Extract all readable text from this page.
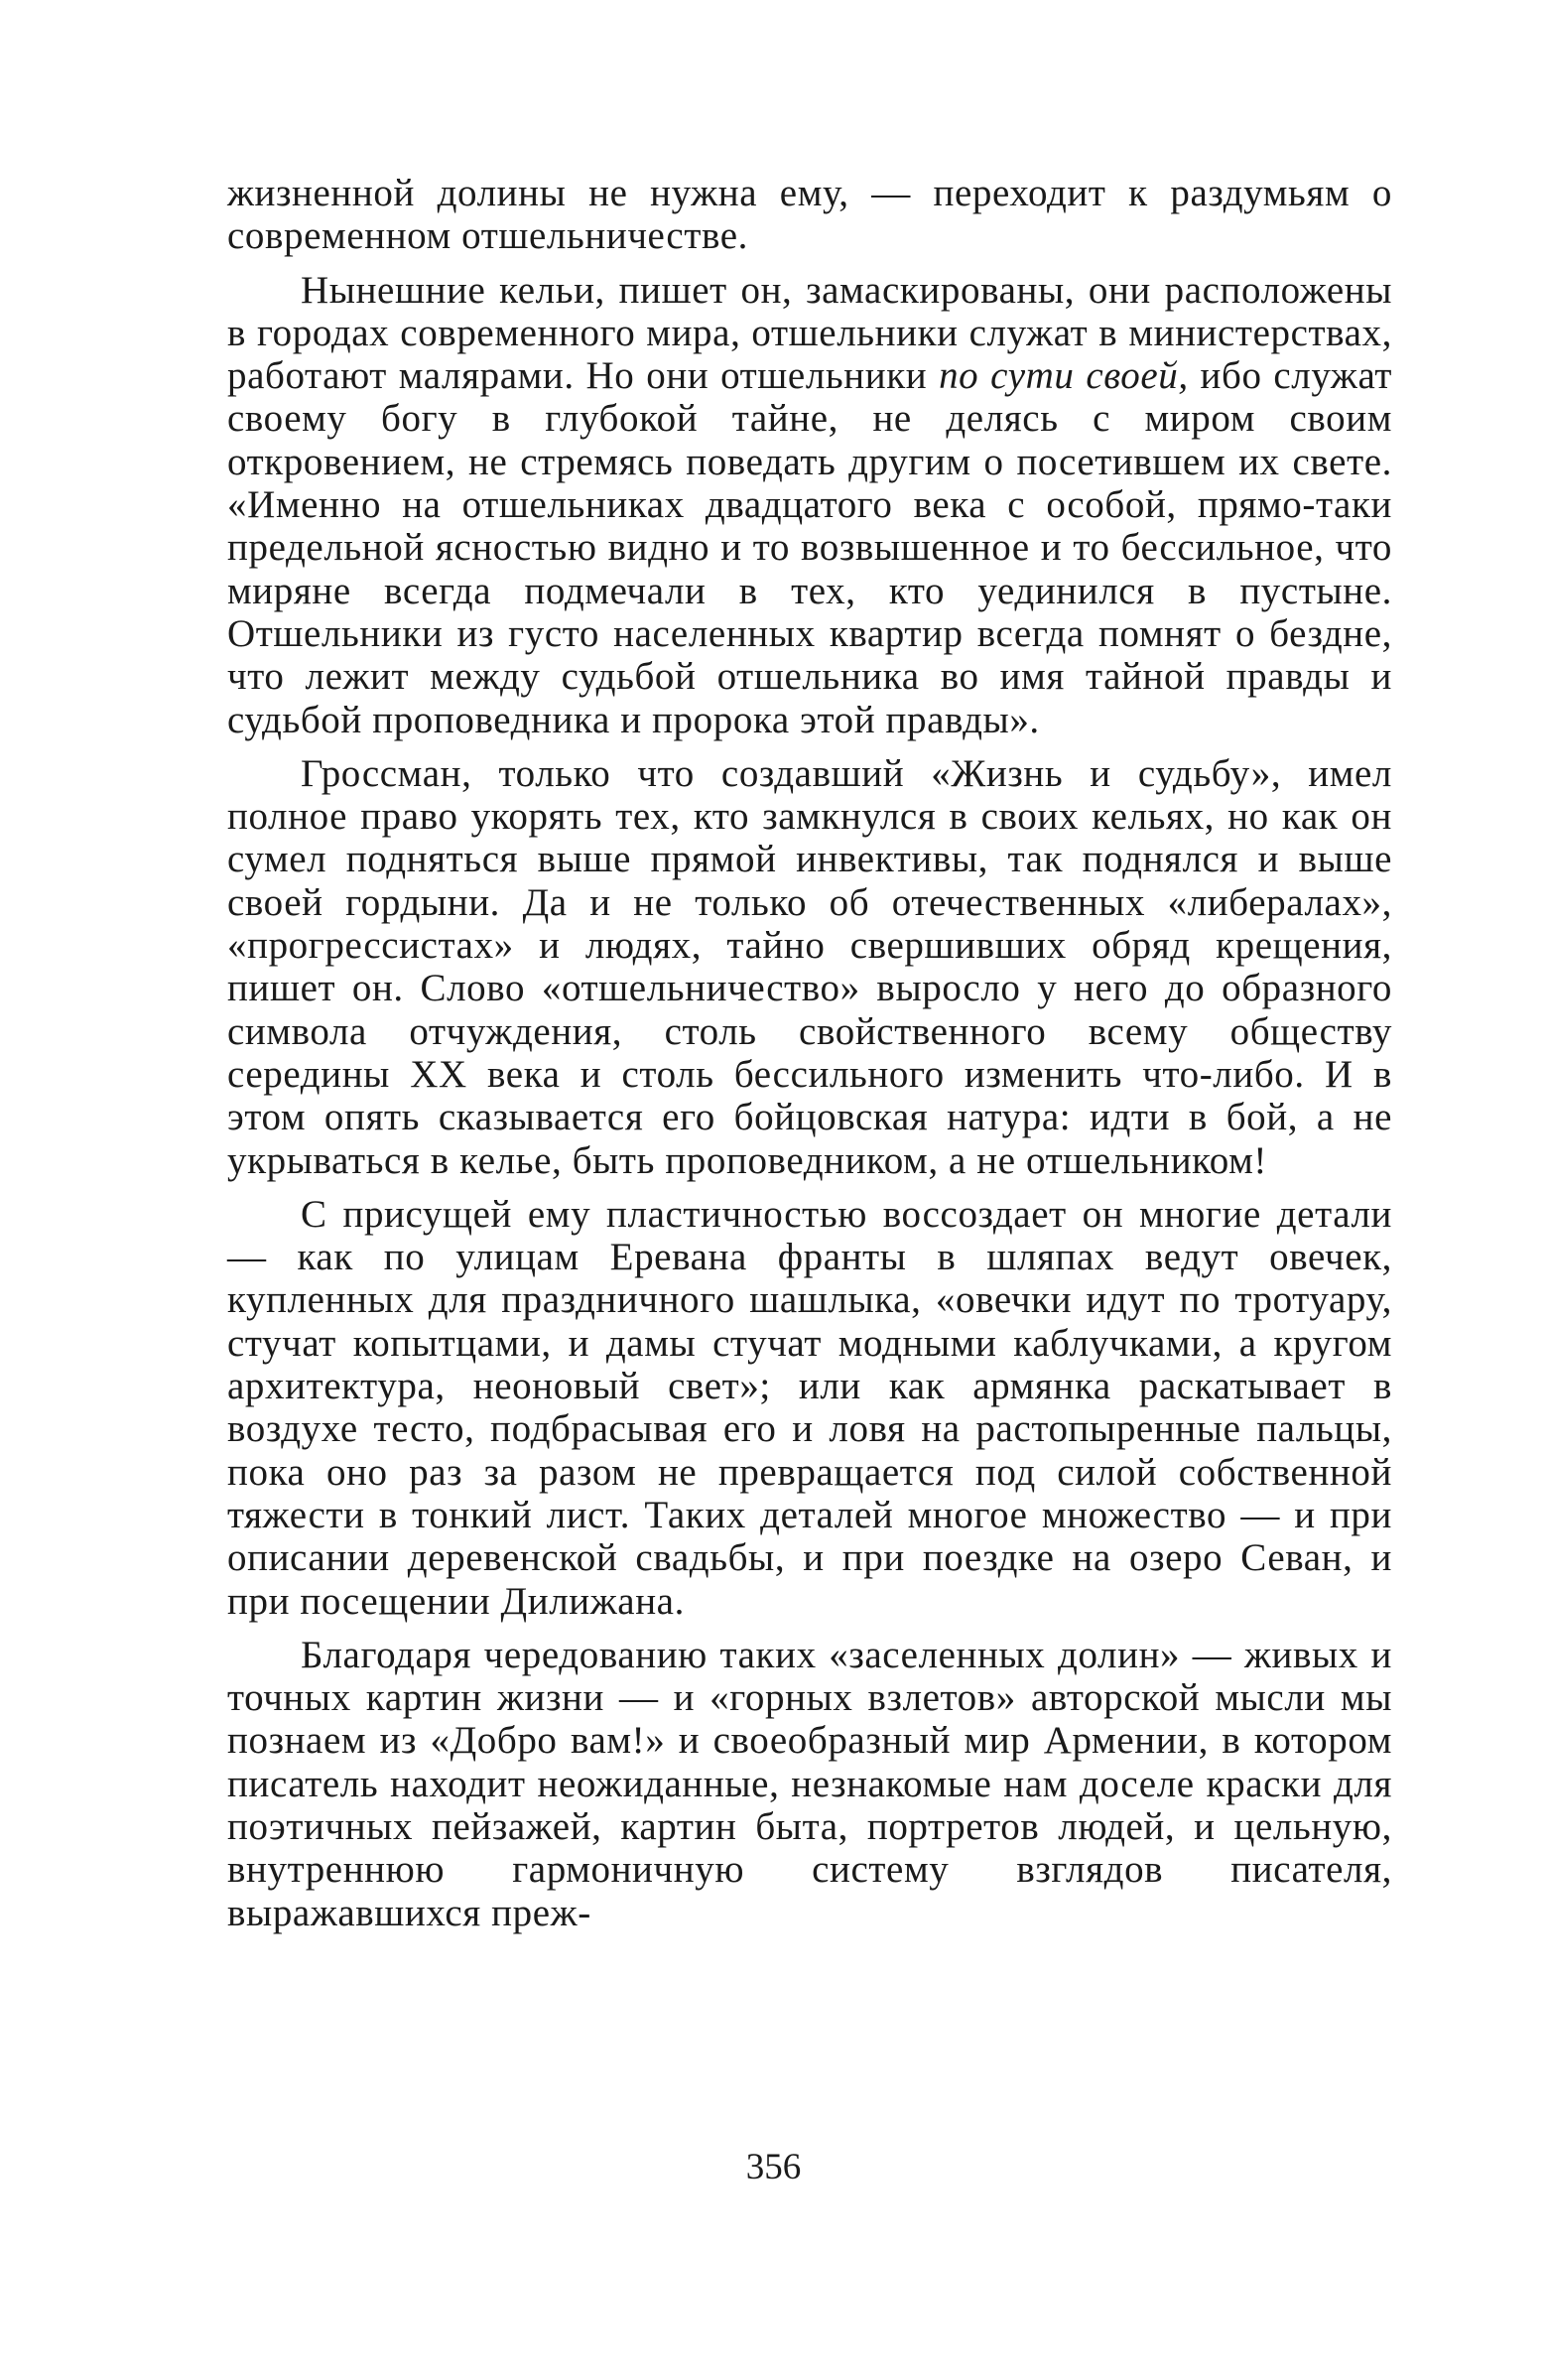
жизненной долины не нужна ему, — переходит к раздумьям о современном отшельничестве.

Нынешние кельи, пишет он, замаскированы, они расположены в городах современного мира, отшельники служат в министерствах, работают малярами. Но они отшельники по сути своей, ибо служат своему богу в глубокой тайне, не делясь с миром своим откровением, не стремясь поведать другим о посетившем их свете. «Именно на отшельниках двадцатого века с особой, прямо-таки предельной ясностью видно и то возвышенное и то бессильное, что миряне всегда подмечали в тех, кто уединился в пустыне. Отшельники из густо населенных квартир всегда помнят о бездне, что лежит между судьбой отшельника во имя тайной правды и судьбой проповедника и пророка этой правды».

Гроссман, только что создавший «Жизнь и судьбу», имел полное право укорять тех, кто замкнулся в своих кельях, но как он сумел подняться выше прямой инвективы, так поднялся и выше своей гордыни. Да и не только об отечественных «либералах», «прогрессистах» и людях, тайно свершивших обряд крещения, пишет он. Слово «отшельничество» выросло у него до образного символа отчуждения, столь свойственного всему обществу середины XX века и столь бессильного изменить что-либо. И в этом опять сказывается его бойцовская натура: идти в бой, а не укрываться в келье, быть проповедником, а не отшельником!

С присущей ему пластичностью воссоздает он многие детали — как по улицам Еревана франты в шляпах ведут овечек, купленных для праздничного шашлыка, «овечки идут по тротуару, стучат копытцами, и дамы стучат модными каблучками, а кругом архитектура, неоновый свет»; или как армянка раскатывает в воздухе тесто, подбрасывая его и ловя на растопыренные пальцы, пока оно раз за разом не превращается под силой собственной тяжести в тонкий лист. Таких деталей многое множество — и при описании деревенской свадьбы, и при поездке на озеро Севан, и при посещении Дилижана.

Благодаря чередованию таких «заселенных долин» — живых и точных картин жизни — и «горных взлетов» авторской мысли мы познаем из «Добро вам!» и своеобразный мир Армении, в котором писатель находит неожиданные, незнакомые нам доселе краски для поэтичных пейзажей, картин быта, портретов людей, и цельную, внутреннюю гармоничную систему взглядов писателя, выражавшихся преж-

356
